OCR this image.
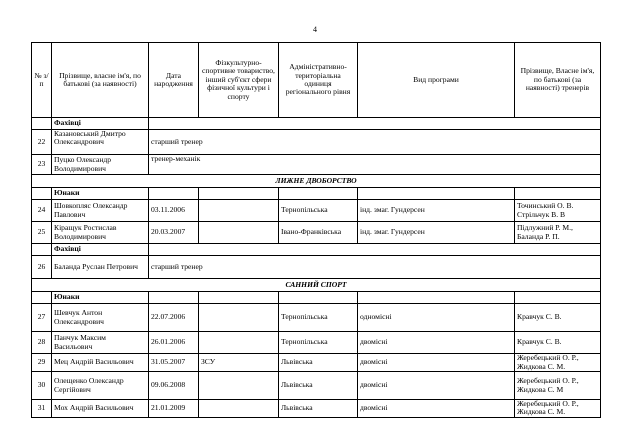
4
№ з/п	Прізвище, власне ім'я, по батькові (за наявності)	Дата народження	Фізкультурно-спортивне товариство, інший суб'єкт сфери фізичної культури і спорту	Адміністративно-територіальна одиниця регіонального рівня	Вид програми	Прізвище, Власне ім'я, по батькові (за наявності) тренерів
	Фахівці					
22	Казановський Дмитро Олександрович	старший тренер				
23	Пуцко Олександр Володимирович	тренер-механік				
ЛИЖНЕ ДВОБОРСТВО						
	Юнаки					
24	Шовкопляс Олександр Павлович	03.11.2006		Тернопільська	інд. змаг. Гундерсен	Точинський О. В. Стрільчук В. В
25	Кіращук Ростислав Володимирович	20.03.2007		Івано-Франківська	інд. змаг. Гундерсен	Підлужний Р. М., Баланда Р. П.
	Фахівці					
26	Баланда Руслан Петрович	старший тренер				
САННИЙ СПОРТ						
	Юнаки					
27	Шевчук Антон Олександрович	22.07.2006		Тернопільська	одномісні	Кравчук С. В.
28	Панчук Максим Васильович	26.01.2006		Тернопільська	двомісні	Кравчук С. В.
29	Мец Андрій Васильович	31.05.2007	ЗСУ	Львівська	двомісні	Жеребецький О. Р., Жидкова С. М.
30	Олещенко Олександр Сергійович	09.06.2008		Львівська	двомісні	Жеребецький О. Р., Жидкова С. М
31	Мох Андрій Васильович	21.01.2009		Львівська	двомісні	Жеребецький О. Р., Жидкова С. М.
